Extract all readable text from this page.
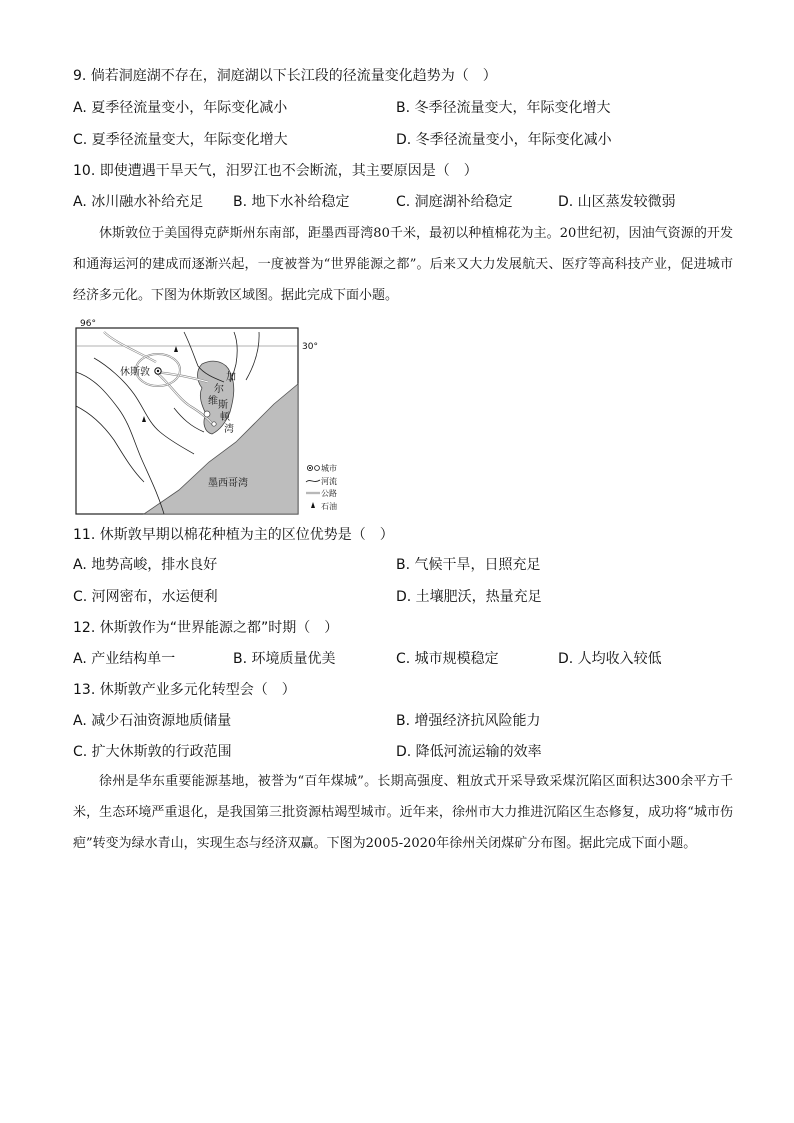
9. 倘若洞庭湖不存在，洞庭湖以下长江段的径流量变化趋势为（　）
A. 夏季径流量变小，年际变化减小	B. 冬季径流量变大，年际变化增大
C. 夏季径流量变大，年际变化增大	D. 冬季径流量变小，年际变化减小
10. 即使遭遇干旱天气，汨罗江也不会断流，其主要原因是（　）
A. 冰川融水补给充足 B. 地下水补给稳定	C. 洞庭湖补给稳定	D. 山区蒸发较微弱
休斯敦位于美国得克萨斯州东南部，距墨西哥湾80千米，最初以种植棉花为主。20世纪初，因油气资源的开发和通海运河的建成而逐渐兴起，一度被誉为“世界能源之都”。后来又大力发展航天、医疗等高科技产业，促进城市经济多元化。下图为休斯敦区域图。据此完成下面小题。
96°
30°
休斯敦	加
尔
维 斯
顿
湾
墨西哥湾
城市
河流
公路
石油
11. 休斯敦早期以棉花种植为主的区位优势是（　）
A. 地势高峻，排水良好	B. 气候干旱，日照充足
C. 河网密布，水运便利	D. 土壤肥沃，热量充足
12. 休斯敦作为“世界能源之都”时期（　）
A. 产业结构单一	B. 环境质量优美	C. 城市规模稳定	D. 人均收入较低
13. 休斯敦产业多元化转型会（　）
A. 减少石油资源地质储量	B. 增强经济抗风险能力
C. 扩大休斯敦的行政范围	D. 降低河流运输的效率
徐州是华东重要能源基地，被誉为“百年煤城”。长期高强度、粗放式开采导致采煤沉陷区面积达300余平方千米，生态环境严重退化，是我国第三批资源枯竭型城市。近年来，徐州市大力推进沉陷区生态修复，成功将“城市伤疤”转变为绿水青山，实现生态与经济双赢。下图为2005-2020年徐州关闭煤矿分布图。据此完成下面小题。
